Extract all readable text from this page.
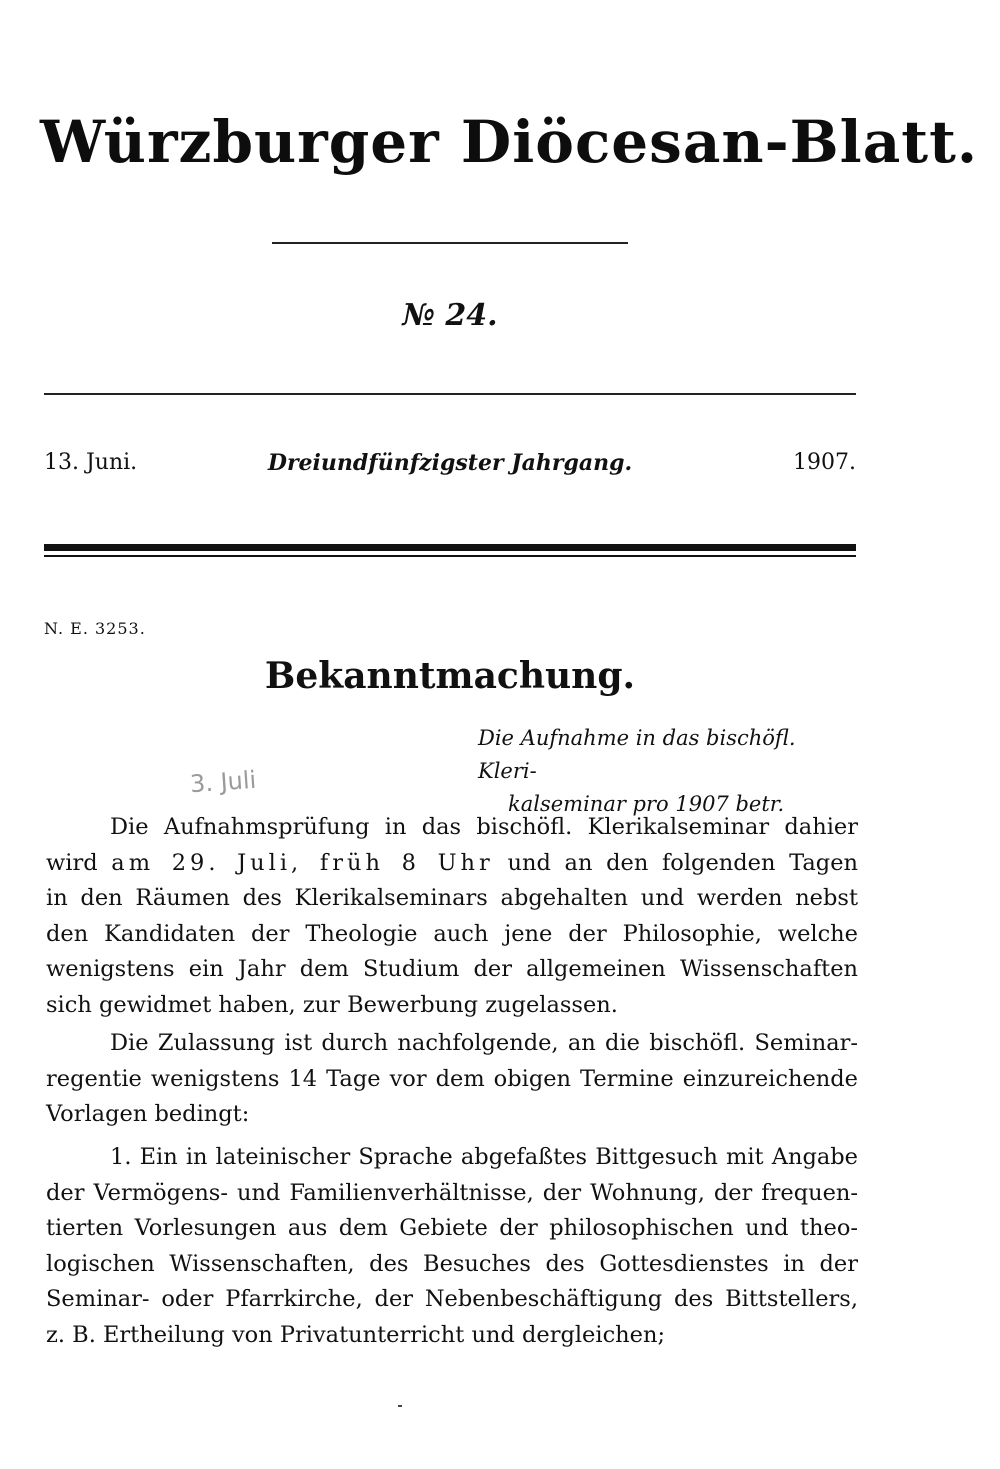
Würzburger Diöcesan-Blatt.
№ 24.
13. Juni.	Dreiundfünfzigster Jahrgang.	1907.
N. E. 3253.
Bekanntmachung.
Die Aufnahme in das bischöfl. Kleri-
kalseminar pro 1907 betr.
3. Juli
Die Aufnahmsprüfung in das bischöfl. Klerikalseminar dahier
wird am 29. Juli, früh 8 Uhr und an den folgenden Tagen
in den Räumen des Klerikalseminars abgehalten und werden nebst
den Kandidaten der Theologie auch jene der Philosophie, welche
wenigstens ein Jahr dem Studium der allgemeinen Wissenschaften
sich gewidmet haben, zur Bewerbung zugelassen.
Die Zulassung ist durch nachfolgende, an die bischöfl. Seminar-
regentie wenigstens 14 Tage vor dem obigen Termine einzureichende
Vorlagen bedingt:
1. Ein in lateinischer Sprache abgefaßtes Bittgesuch mit Angabe
der Vermögens- und Familienverhältnisse, der Wohnung, der frequen-
tierten Vorlesungen aus dem Gebiete der philosophischen und theo-
logischen Wissenschaften, des Besuches des Gottesdienstes in der
Seminar- oder Pfarrkirche, der Nebenbeschäftigung des Bittstellers,
z. B. Ertheilung von Privatunterricht und dergleichen;
